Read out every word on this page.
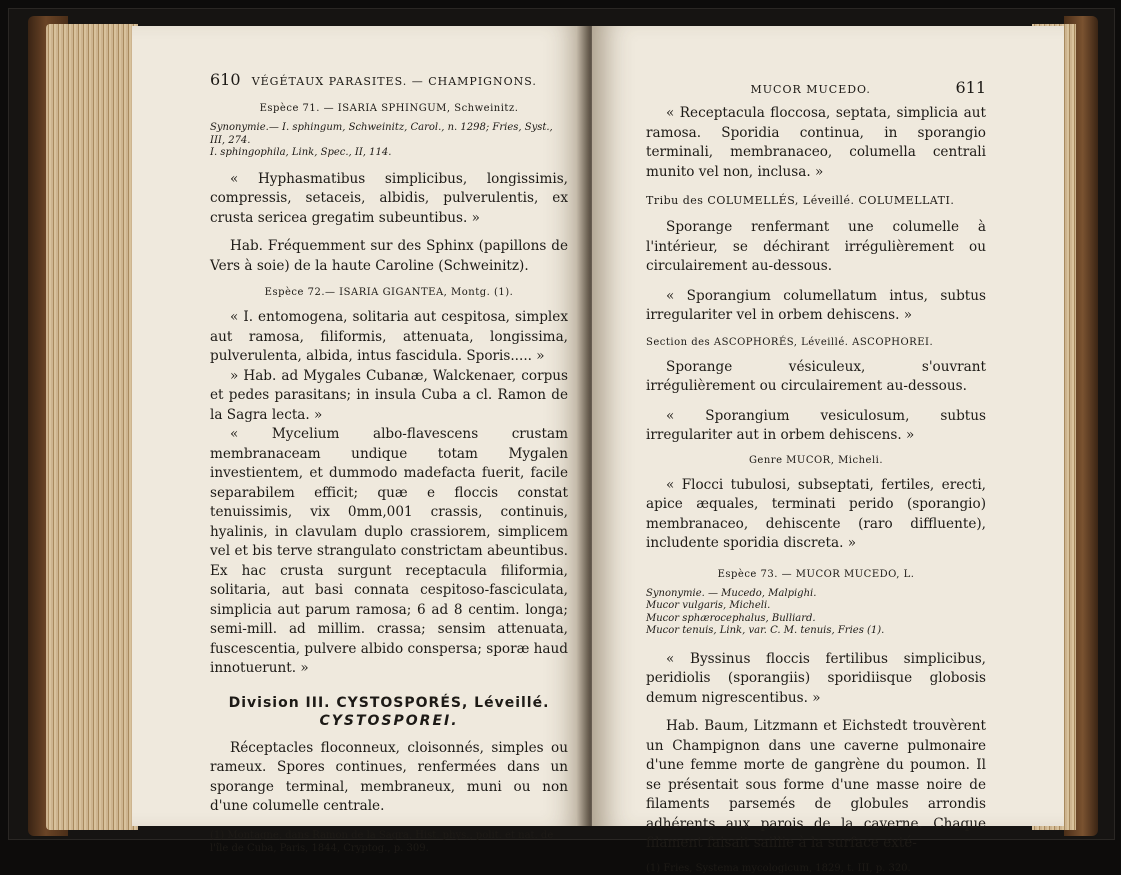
610 VÉGÉTAUX PARASITES. — CHAMPIGNONS.

Espèce 71. — ISARIA SPHINGUM, Schweinitz.

Synonymie.— I. sphingum, Schweinitz, Carol., n. 1298; Fries, Syst., III, 274.

I. sphingophila, Link, Spec., II, 114.

« Hyphasmatibus simplicibus, longissimis, compressis, setaceis, albidis, pulverulentis, ex crusta sericea gregatim subeuntibus. »

Hab. Fréquemment sur des Sphinx (papillons de Vers à soie) de la haute Caroline (Schweinitz).

Espèce 72.— ISARIA GIGANTEA, Montg. (1).

« I. entomogena, solitaria aut cespitosa, simplex aut ramosa, filiformis, attenuata, longissima, pulverulenta, albida, intus fascidula. Sporis..... »

» Hab. ad Mygales Cubanæ, Walckenaer, corpus et pedes parasitans; in insula Cuba a cl. Ramon de la Sagra lecta. »

« Mycelium albo-flavescens crustam membranaceam undique totam Mygalen investientem, et dummodo madefacta fuerit, facile separabilem efficit; quæ e floccis constat tenuissimis, vix 0mm,001 crassis, continuis, hyalinis, in clavulam duplo crassiorem, simplicem vel et bis terve strangulato constrictam abeuntibus. Ex hac crusta surgunt receptacula filiformia, solitaria, aut basi connata cespitoso-fasciculata, simplicia aut parum ramosa; 6 ad 8 centim. longa; semi-mill. ad millim. crassa; sensim attenuata, fuscescentia, pulvere albido conspersa; sporæ haud innotuerunt. »

Division III. CYSTOSPORÉS, Léveillé.

CYSTOSPOREI.

Réceptacles floconneux, cloisonnés, simples ou rameux. Spores continues, renfermées dans un sporange terminal, membraneux, muni ou non d'une columelle centrale.

(1) Montagne, dans Ramon de la Sagra, Hist. phys., polit. et nat. de l'île de Cuba, Paris, 1844, Cryptog., p. 309.

MUCOR MUCEDO.	611

« Receptacula floccosa, septata, simplicia aut ramosa. Sporidia continua, in sporangio terminali, membranaceo, columella centrali munito vel non, inclusa. »

Tribu des COLUMELLÉS, Léveillé. COLUMELLATI.

Sporange renfermant une columelle à l'intérieur, se déchirant irrégulièrement ou circulairement au-dessous.

« Sporangium columellatum intus, subtus irregulariter vel in orbem dehiscens. »

Section des ASCOPHORÉS, Léveillé. ASCOPHOREI.

Sporange vésiculeux, s'ouvrant irrégulièrement ou circulairement au-dessous.

« Sporangium vesiculosum, subtus irregulariter aut in orbem dehiscens. »

Genre MUCOR, Micheli.

« Flocci tubulosi, subseptati, fertiles, erecti, apice æquales, terminati perido (sporangio) membranaceo, dehiscente (raro diffluente), includente sporidia discreta. »

Espèce 73. — MUCOR MUCEDO, L.

Synonymie. — Mucedo, Malpighi.

Mucor vulgaris, Micheli.

Mucor sphærocephalus, Bulliard.

Mucor tenuis, Link, var. C. M. tenuis, Fries (1).

« Byssinus floccis fertilibus simplicibus, peridiolis (sporangiis) sporidiisque globosis demum nigrescentibus. »

Hab. Baum, Litzmann et Eichstedt trouvèrent un Champignon dans une caverne pulmonaire d'une femme morte de gangrène du poumon. Il se présentait sous forme d'une masse noire de filaments parsemés de globules arrondis adhérents aux parois de la caverne. Chaque filament faisait saillie à la surface exté-

(1) Fries, Systema mycologicum, 1829, t. III, p. 320.
